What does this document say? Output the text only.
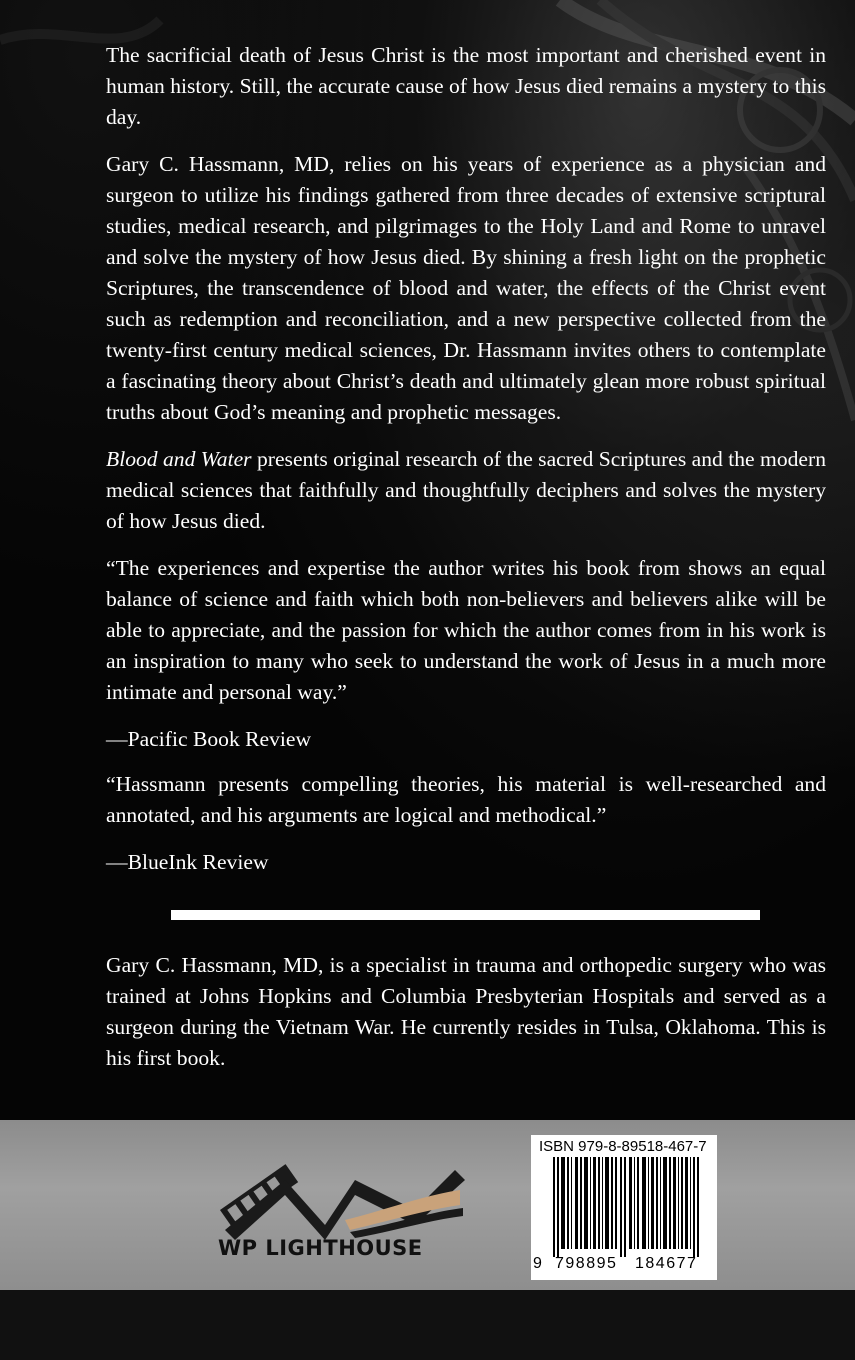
The sacrificial death of Jesus Christ is the most important and cherished event in human history. Still, the accurate cause of how Jesus died remains a mystery to this day.

Gary C. Hassmann, MD, relies on his years of experience as a physician and surgeon to utilize his findings gathered from three decades of extensive scriptural studies, medical research, and pilgrimages to the Holy Land and Rome to unravel and solve the mystery of how Jesus died. By shining a fresh light on the prophetic Scriptures, the transcendence of blood and water, the effects of the Christ event such as redemption and reconciliation, and a new perspective collected from the twenty-first century medical sciences, Dr. Hassmann invites others to contemplate a fascinating theory about Christ’s death and ultimately glean more robust spiritual truths about God’s meaning and prophetic messages.

Blood and Water presents original research of the sacred Scriptures and the modern medical sciences that faithfully and thoughtfully deciphers and solves the mystery of how Jesus died.

“The experiences and expertise the author writes his book from shows an equal balance of science and faith which both non-believers and believers alike will be able to appreciate, and the passion for which the author comes from in his work is an inspiration to many who seek to understand the work of Jesus in a much more intimate and personal way.”

—Pacific Book Review

“Hassmann presents compelling theories, his material is well-researched and annotated, and his arguments are logical and methodical.”

—BlueInk Review

Gary C. Hassmann, MD, is a specialist in trauma and orthopedic surgery who was trained at Johns Hopkins and Columbia Presbyterian Hospitals and served as a surgeon during the Vietnam War. He currently resides in Tulsa, Oklahoma. This is his first book.

WP LIGHTHOUSE
ISBN 979-8-89518-467-7
9 798895 184677
